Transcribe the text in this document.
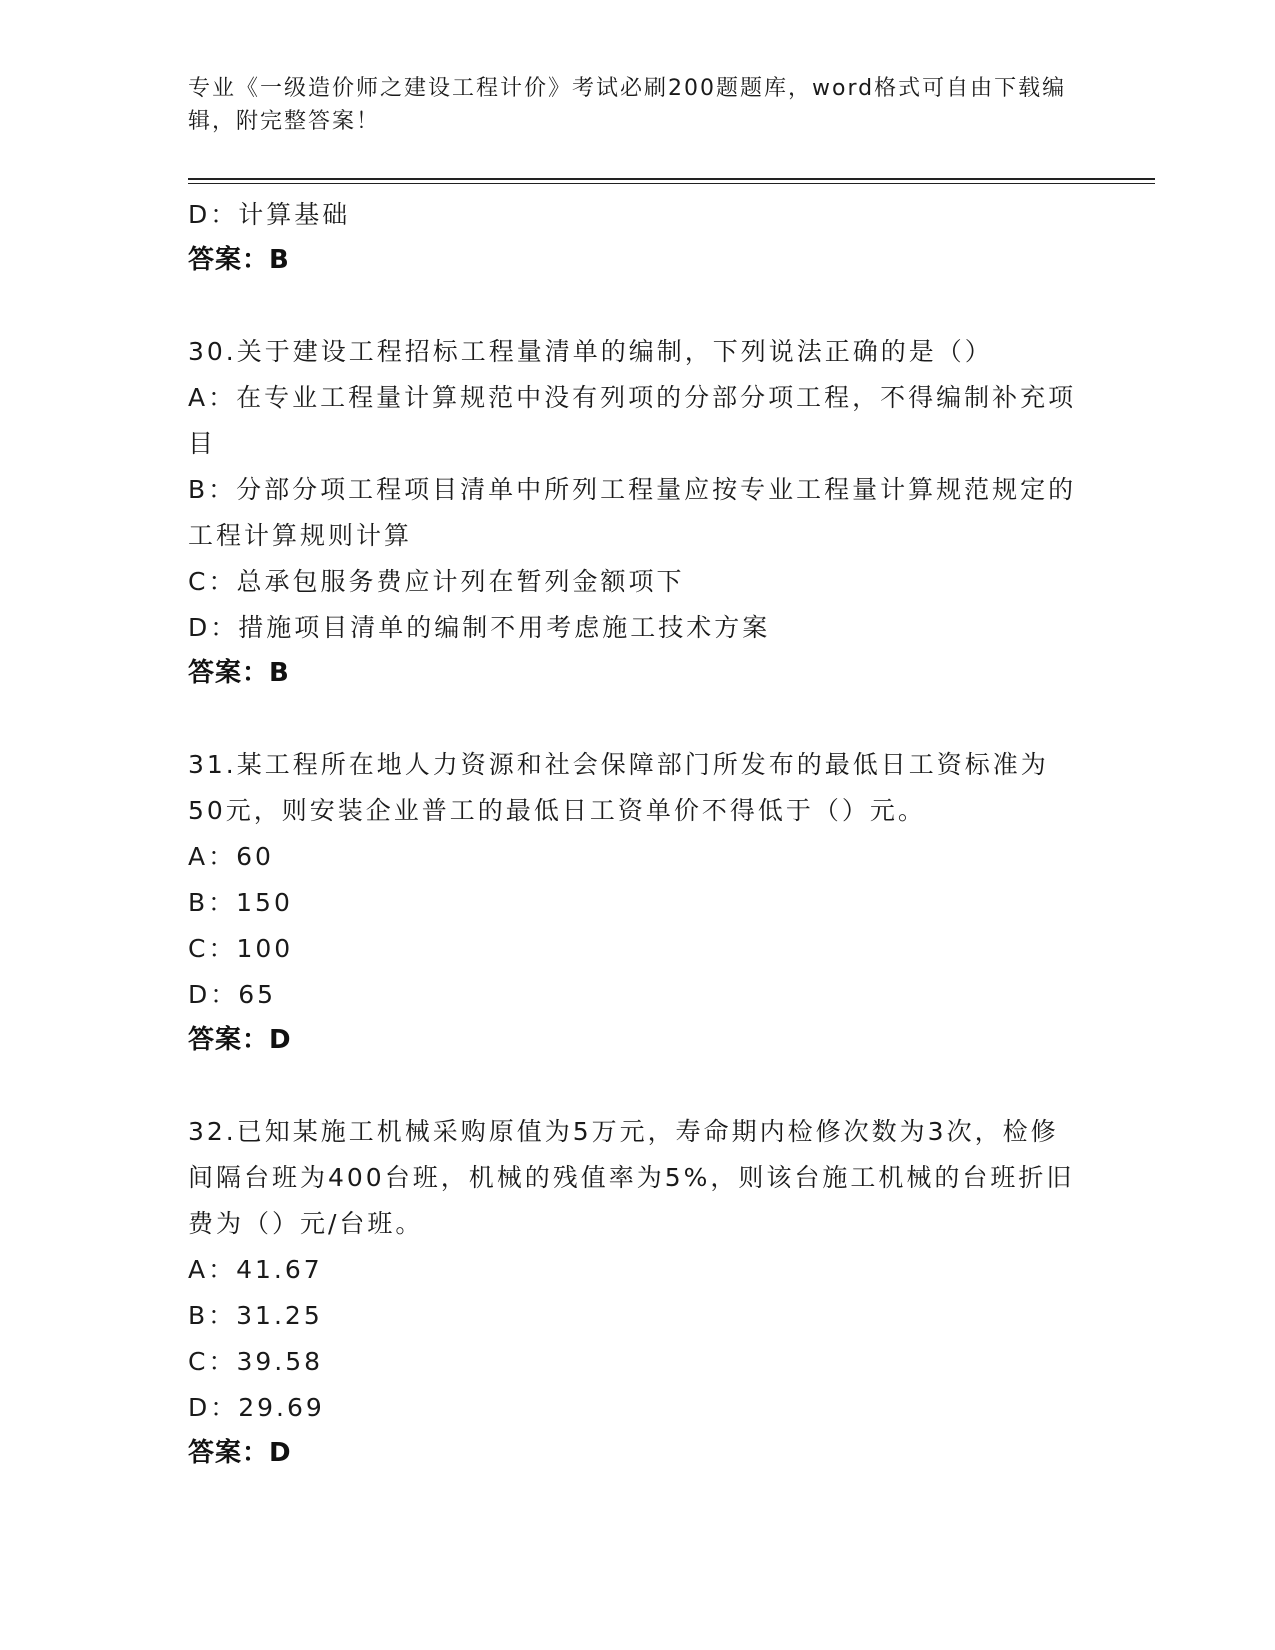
专业《一级造价师之建设工程计价》考试必刷200题题库，word格式可自由下载编辑，附完整答案！
D：计算基础
答案：B
30.关于建设工程招标工程量清单的编制，下列说法正确的是（）
A：在专业工程量计算规范中没有列项的分部分项工程，不得编制补充项目
B：分部分项工程项目清单中所列工程量应按专业工程量计算规范规定的工程计算规则计算
C：总承包服务费应计列在暂列金额项下
D：措施项目清单的编制不用考虑施工技术方案
答案：B
31.某工程所在地人力资源和社会保障部门所发布的最低日工资标准为50元，则安装企业普工的最低日工资单价不得低于（）元。
A：60
B：150
C：100
D：65
答案：D
32.已知某施工机械采购原值为5万元，寿命期内检修次数为3次，检修间隔台班为400台班，机械的残值率为5%，则该台施工机械的台班折旧费为（）元/台班。
A：41.67
B：31.25
C：39.58
D：29.69
答案：D
